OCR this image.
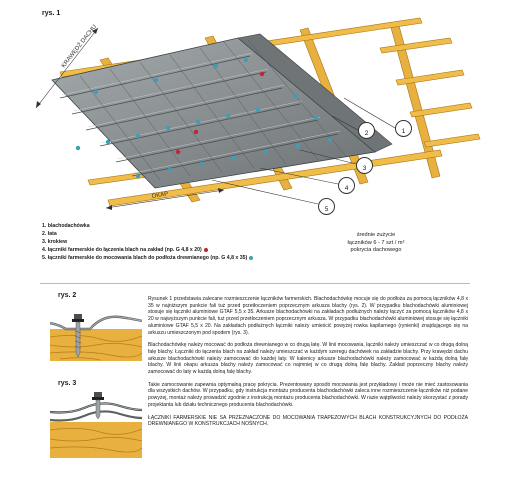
rys. 1
KRAWĘDŹ DACHU
OKAP
1
2
3
4
5
1. blachodachówka
2. łata
3. krokiew
4. łączniki farmerskie do łączenia blach na zakład (np. G 4,8 x 20)
5. łączniki farmerskie do mocowania blach do podłoża drewnianego (np. G 4,8 x 35)
średnie zużycie
łączników 6 - 7 szt / m²
pokrycia dachowego
rys. 2
rys. 3

Rysunek 1 przedstawia zalecane rozmieszczenie łączników farmerskich. Blachodachówkę mocuje się do podłoża za pomocą łączników 4,8 x 35 w najniższym punkcie fali tuż przed przetłoczeniem poprzecznym arkusza blachy (rys. 2). W przypadku blachodachówki aluminiowej stosuje się łączniki aluminiowe GTAF 5,5 x 35. Arkusze blachodachówki na zakładach podłużnych należy łączyć za pomocą łączników 4,8 x 20 w najwyższym punkcie fali, tuż przed przetłoczeniem poprzecznym arkusza. W przypadku blachodachówki aluminiowej stosuje się łączniki aluminiowe GTAF 5,5 x 20. Na zakładach podłużnych łączniki należy umieścić powyżej rowka kapilarnego (rynienki) znajdującego się na arkuszu umieszczonym pod spodem (rys. 3).

Blachodachówkę należy mocować do podłoża drewnianego w co drugą łatę. W linii mocowania, łączniki należy umieszczać w co drugą dolną falę blachy. Łączniki do łączenia blach na zakład należy umieszczać w każdym szeregu dachówek na zakładzie blachy. Przy krawędzi dachu arkusze blachodachówki należy zamocować do każdej łaty. W kalenicy arkusze blachodachówki należy zamocować w każdą dolną falę blachy. W linii okapu arkusza blachy należy zamocować co najmniej w co drugą dolną falę blachy. Zakład poprzeczny blachy należy zamocować do łaty w każdą dolną falę blachy.

Takie zamocowanie zapewnia optymalną pracę pokrycia. Prezentowany sposób mocowania jest przykładowy i może nie mieć zastosowania dla wszystkich dachów. W przypadku, gdy instrukcja montażu producenta blachodachówki zaleca inne rozmieszczenie łączników niż podane powyżej, montaż należy prowadzić zgodnie z instrukcją montażu producenta blachodachówki. W razie wątpliwości należy skorzystać z porady projektanta lub działu technicznego producenta blachodachówki.

ŁĄCZNIKI FARMERSKIE NIE SA PRZEZNACZONE DO MOCOWANIA TRAPEZOWYCH BLACH KONSTRUKCYJNYCH DO PODŁOŻA DREWNIANEGO W KONSTRUKCJACH NOŚNYCH.
